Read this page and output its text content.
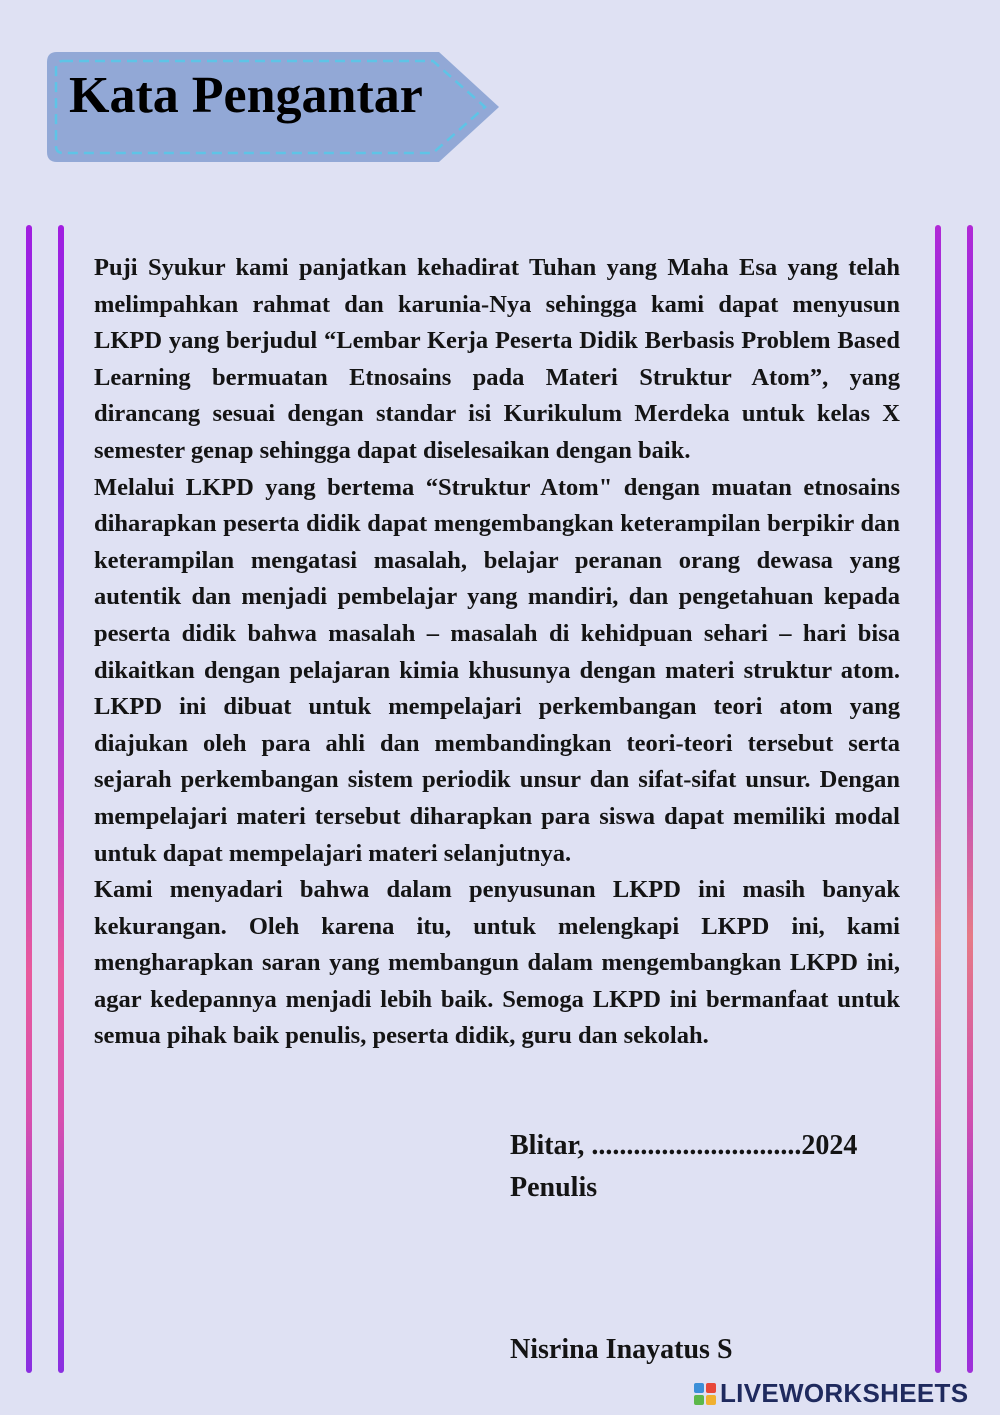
Kata Pengantar

Puji Syukur kami panjatkan kehadirat Tuhan yang Maha Esa yang telah melimpahkan rahmat dan karunia-Nya sehingga kami dapat menyusun LKPD yang berjudul “Lembar Kerja Peserta Didik Berbasis Problem Based Learning bermuatan Etnosains pada Materi Struktur Atom”, yang dirancang sesuai dengan standar isi Kurikulum Merdeka untuk kelas X semester genap sehingga dapat diselesaikan dengan baik.

Melalui LKPD yang bertema “Struktur Atom" dengan muatan etnosains diharapkan peserta didik dapat mengembangkan keterampilan berpikir dan keterampilan mengatasi masalah, belajar peranan orang dewasa yang autentik dan menjadi pembelajar yang mandiri, dan pengetahuan kepada peserta didik bahwa masalah – masalah di kehidpuan sehari – hari bisa dikaitkan dengan pelajaran kimia khusunya dengan materi struktur atom. LKPD ini dibuat untuk mempelajari perkembangan teori atom yang diajukan oleh para ahli dan membandingkan teori-teori tersebut serta sejarah perkembangan sistem periodik unsur dan sifat-sifat unsur. Dengan mempelajari materi tersebut diharapkan para siswa dapat memiliki modal untuk dapat mempelajari materi selanjutnya.

Kami menyadari bahwa dalam penyusunan LKPD ini masih banyak kekurangan. Oleh karena itu, untuk melengkapi LKPD ini, kami mengharapkan saran yang membangun dalam mengembangkan LKPD ini, agar kedepannya menjadi lebih baik. Semoga LKPD ini bermanfaat untuk semua pihak baik penulis, peserta didik, guru dan sekolah.

Blitar, ..............................2024
Penulis
Nisrina Inayatus S
LIVEWORKSHEETS
